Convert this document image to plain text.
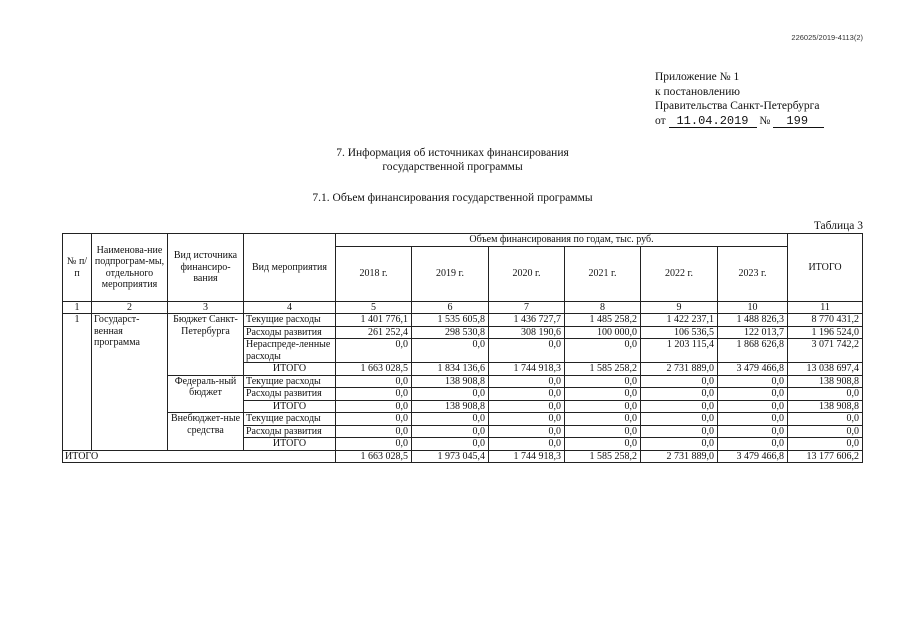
226025/2019-4113(2)
Приложение № 1
к постановлению
Правительства Санкт-Петербурга
от 11.04.2019 № 199
7. Информация об источниках финансирования
государственной программы
7.1. Объем финансирования государственной программы
Таблица 3
№ п/п	Наименова-ние подпрограм-мы, отдельного мероприятия	Вид источника финансиро-вания	Вид мероприятия	Объем финансирования по годам, тыс. руб.						ИТОГО
				2018 г.	2019 г.	2020 г.	2021 г.	2022 г.	2023 г.	
1	2	3	4	5	6	7	8	9	10	11
1	Государст-венная программа	Бюджет Санкт-Петербурга	Текущие расходы	1 401 776,1	1 535 605,8	1 436 727,7	1 485 258,2	1 422 237,1	1 488 826,3	8 770 431,2
			Расходы развития	261 252,4	298 530,8	308 190,6	100 000,0	106 536,5	122 013,7	1 196 524,0
			Нераспреде-ленные расходы	0,0	0,0	0,0	0,0	1 203 115,4	1 868 626,8	3 071 742,2
			ИТОГО	1 663 028,5	1 834 136,6	1 744 918,3	1 585 258,2	2 731 889,0	3 479 466,8	13 038 697,4
		Федераль-ный бюджет	Текущие расходы	0,0	138 908,8	0,0	0,0	0,0	0,0	138 908,8
			Расходы развития	0,0	0,0	0,0	0,0	0,0	0,0	0,0
			ИТОГО	0,0	138 908,8	0,0	0,0	0,0	0,0	138 908,8
		Внебюджет-ные средства	Текущие расходы	0,0	0,0	0,0	0,0	0,0	0,0	0,0
			Расходы развития	0,0	0,0	0,0	0,0	0,0	0,0	0,0
			ИТОГО	0,0	0,0	0,0	0,0	0,0	0,0	0,0
ИТОГО				1 663 028,5	1 973 045,4	1 744 918,3	1 585 258,2	2 731 889,0	3 479 466,8	13 177 606,2
